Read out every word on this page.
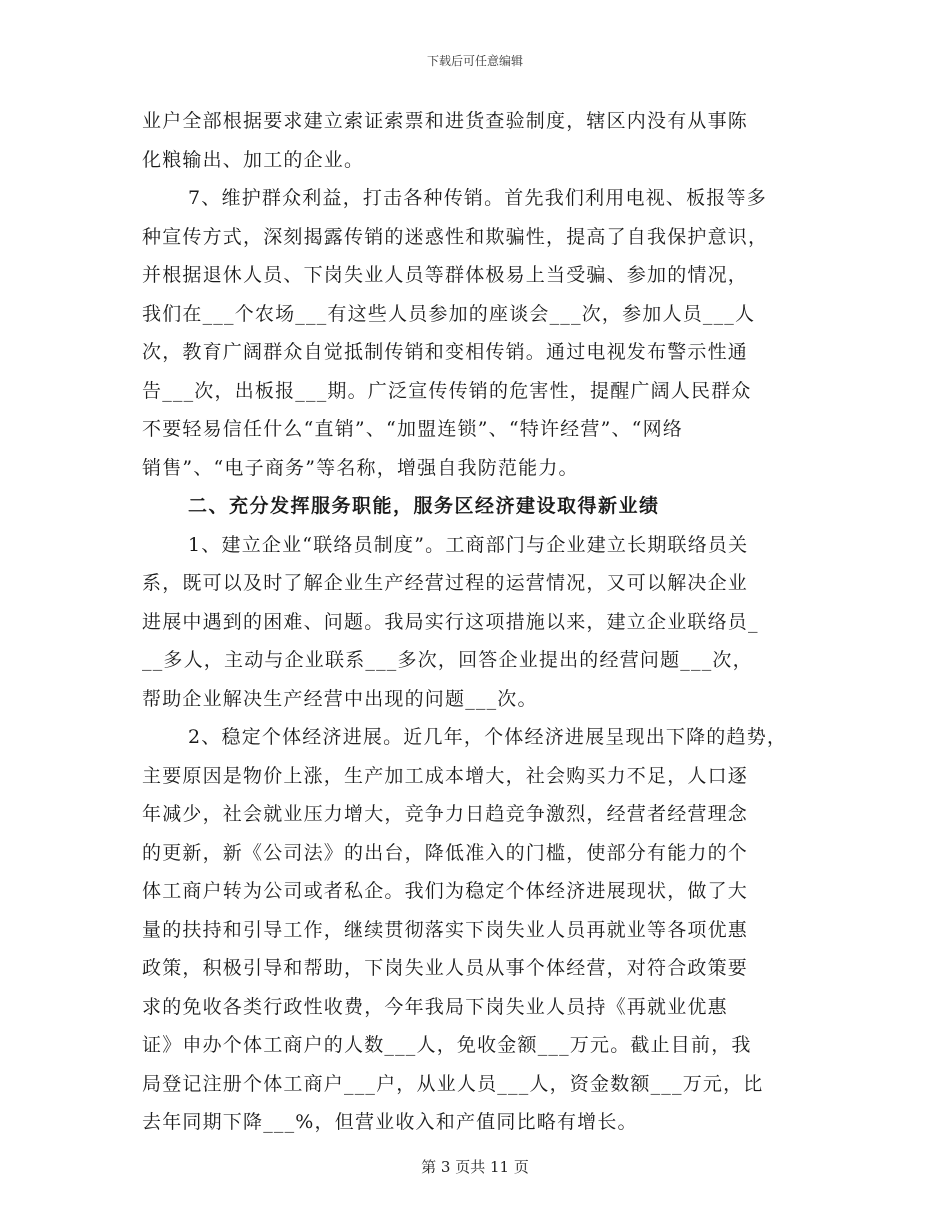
下载后可任意编辑
业户全部根据要求建立索证索票和进货查验制度，辖区内没有从事陈
化粮输出、加工的企业。
7、维护群众利益，打击各种传销。首先我们利用电视、板报等多
种宣传方式，深刻揭露传销的迷惑性和欺骗性，提高了自我保护意识，
并根据退休人员、下岗失业人员等群体极易上当受骗、参加的情况，
我们在___个农场___有这些人员参加的座谈会___次，参加人员___人
次，教育广阔群众自觉抵制传销和变相传销。通过电视发布警示性通
告___次，出板报___期。广泛宣传传销的危害性，提醒广阔人民群众
不要轻易信任什么“直销”、“加盟连锁”、“特许经营”、“网络
销售”、“电子商务”等名称，增强自我防范能力。
二、充分发挥服务职能，服务区经济建设取得新业绩
1、建立企业“联络员制度”。工商部门与企业建立长期联络员关
系，既可以及时了解企业生产经营过程的运营情况，又可以解决企业
进展中遇到的困难、问题。我局实行这项措施以来，建立企业联络员_
__多人，主动与企业联系___多次，回答企业提出的经营问题___次，
帮助企业解决生产经营中出现的问题___次。
2、稳定个体经济进展。近几年，个体经济进展呈现出下降的趋势，
主要原因是物价上涨，生产加工成本增大，社会购买力不足，人口逐
年减少，社会就业压力增大，竞争力日趋竞争激烈，经营者经营理念
的更新，新《公司法》的出台，降低准入的门槛，使部分有能力的个
体工商户转为公司或者私企。我们为稳定个体经济进展现状，做了大
量的扶持和引导工作，继续贯彻落实下岗失业人员再就业等各项优惠
政策，积极引导和帮助，下岗失业人员从事个体经营，对符合政策要
求的免收各类行政性收费，今年我局下岗失业人员持《再就业优惠
证》申办个体工商户的人数___人，免收金额___万元。截止目前，我
局登记注册个体工商户___户，从业人员___人，资金数额___万元，比
去年同期下降___%，但营业收入和产值同比略有增长。
第 3 页共 11 页
